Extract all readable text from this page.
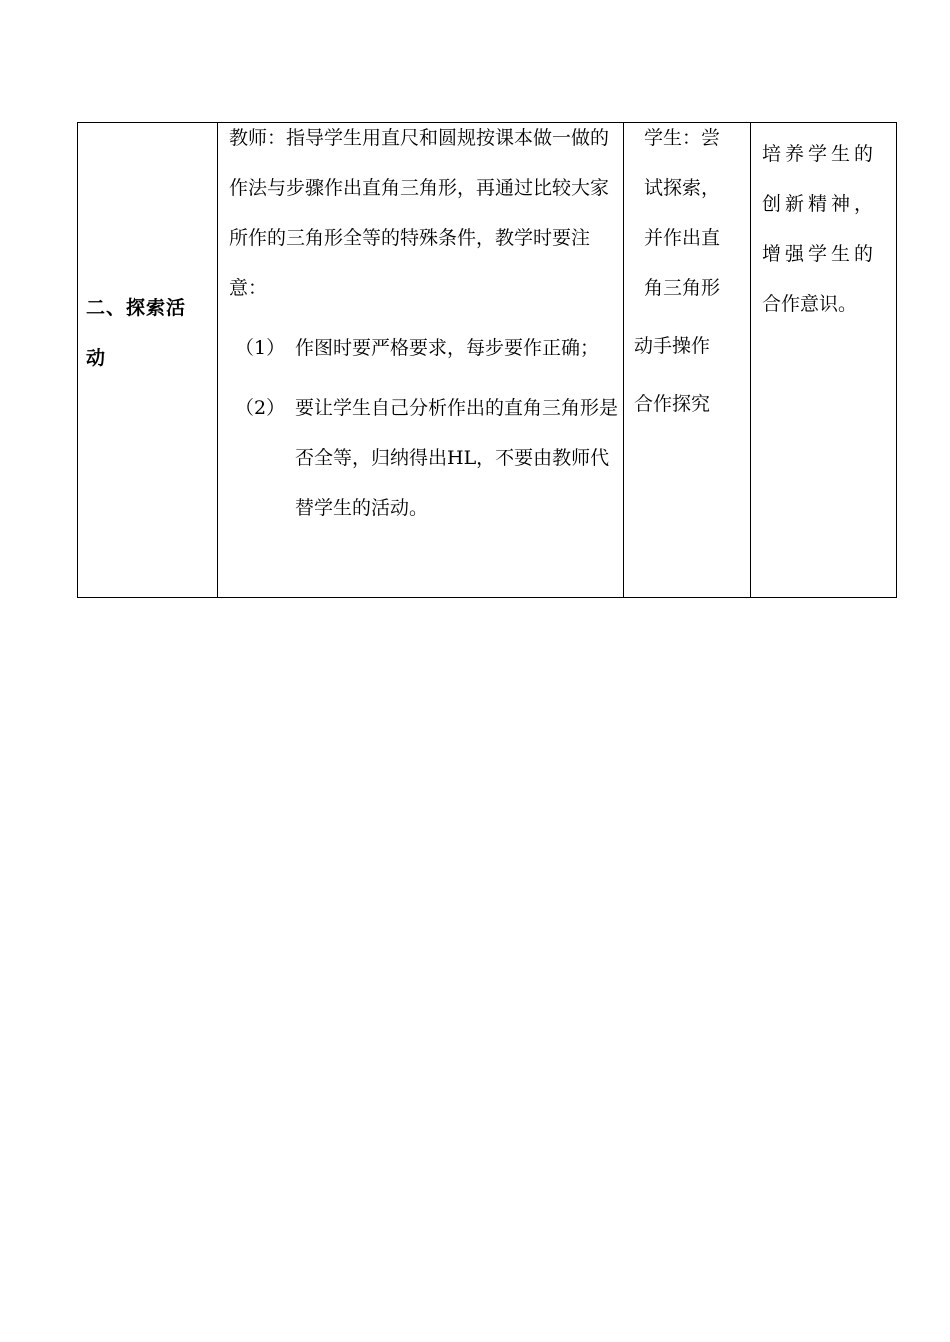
二、探索活
动
教师：指导学生用直尺和圆规按课本做一做的作法与步骤作出直角三角形，再通过比较大家所作的三角形全等的特殊条件，教学时要注意：
（1） 作图时要严格要求，每步要作正确；
（2） 要让学生自己分析作出的直角三角形是否全等，归纳得出HL，不要由教师代替学生的活动。
学生：尝
试探索，
并作出直
角三角形
动手操作
合作探究
培养学生的
创新精神，
增强学生的
合作意识。
